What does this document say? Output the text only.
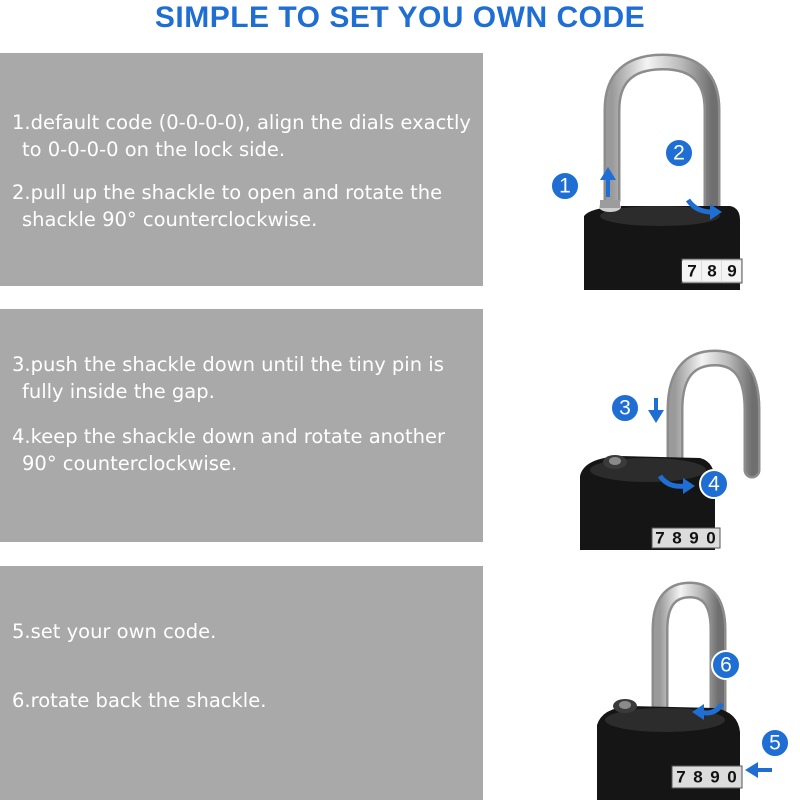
SIMPLE TO SET YOU OWN CODE
1.default code (0-0-0-0), align the dials exactly
to 0-0-0-0 on the lock side.
2.pull up the shackle to open and rotate the
shackle 90° counterclockwise.
3.push the shackle down until the tiny pin is
fully inside the gap.
4.keep the shackle down and rotate another
90° counterclockwise.
5.set your own code.
6.rotate back the shackle.
7 8 9
1
2
7 8 9 0
3
4
7 8 9 0
6
5
